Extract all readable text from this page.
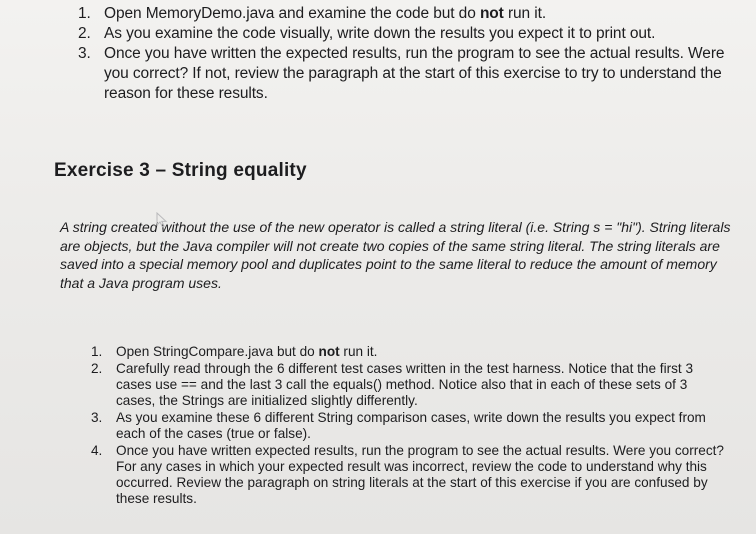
1. Open MemoryDemo.java and examine the code but do not run it.
2. As you examine the code visually, write down the results you expect it to print out.
3. Once you have written the expected results, run the program to see the actual results. Were you correct? If not, review the paragraph at the start of this exercise to try to understand the reason for these results.
Exercise 3 – String equality

A string created without the use of the new operator is called a string literal (i.e. String s = "hi"). String literals are objects, but the Java compiler will not create two copies of the same string literal. The string literals are saved into a special memory pool and duplicates point to the same literal to reduce the amount of memory that a Java program uses.

1. Open StringCompare.java but do not run it.
2. Carefully read through the 6 different test cases written in the test harness. Notice that the first 3 cases use == and the last 3 call the equals() method. Notice also that in each of these sets of 3 cases, the Strings are initialized slightly differently.
3. As you examine these 6 different String comparison cases, write down the results you expect from each of the cases (true or false).
4. Once you have written expected results, run the program to see the actual results. Were you correct? For any cases in which your expected result was incorrect, review the code to understand why this occurred. Review the paragraph on string literals at the start of this exercise if you are confused by these results.
